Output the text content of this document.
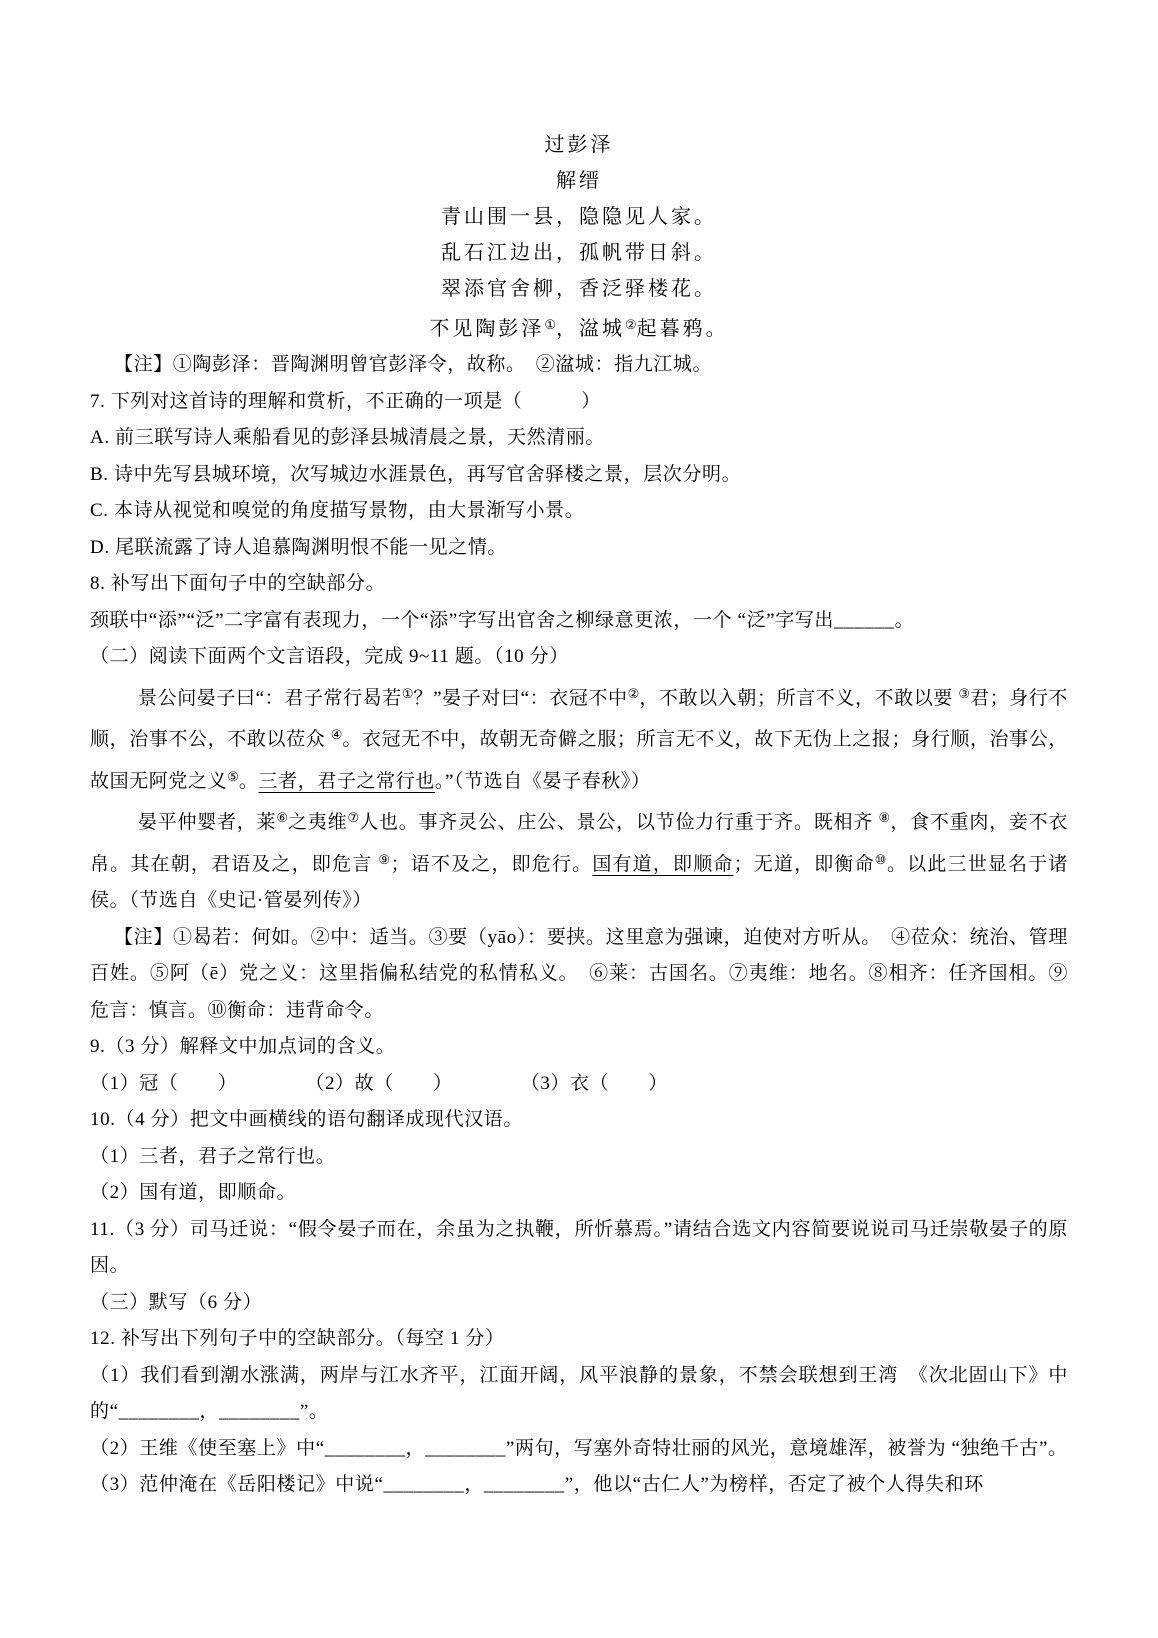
过彭泽

解缙

青山围一县，隐隐见人家。

乱石江边出，孤帆带日斜。

翠添官舍柳，香泛驿楼花。

不见陶彭泽①，湓城②起暮鸦。

【注】①陶彭泽：晋陶渊明曾官彭泽令，故称。　②湓城：指九江城。

7. 下列对这首诗的理解和赏析，不正确的一项是（　　　）

A. 前三联写诗人乘船看见的彭泽县城清晨之景，天然清丽。

B. 诗中先写县城环境，次写城边水涯景色，再写官舍驿楼之景，层次分明。

C. 本诗从视觉和嗅觉的角度描写景物，由大景渐写小景。

D. 尾联流露了诗人追慕陶渊明恨不能一见之情。

8. 补写出下面句子中的空缺部分。

颈联中“添”“泛”二字富有表现力，一个“添”字写出官舍之柳绿意更浓，一个 “泛”字写出______。

（二）阅读下面两个文言语段，完成 9~11 题。（10 分）

景公问晏子曰“：君子常行曷若①？”晏子对曰“：衣冠不中②，不敢以入朝；所言不义，不敢以要 ③君；身行不顺，治事不公，不敢以莅众 ④。衣冠无不中，故朝无奇僻之服；所言无不义，故下无伪上之报；身行顺，治事公，故国无阿党之义⑤。三者，君子之常行也。”（节选自《晏子春秋》）

晏平仲婴者，莱⑥之夷维⑦人也。事齐灵公、庄公、景公，以节俭力行重于齐。既相齐 ⑧，食不重肉，妾不衣帛。其在朝，君语及之，即危言 ⑨；语不及之，即危行。国有道，即顺命；无道，即衡命⑩。以此三世显名于诸侯。（节选自《史记·管晏列传》）

【注】①曷若：何如。②中：适当。③要（yāo）：要挟。这里意为强谏，迫使对方听从。　④莅众：统治、管理百姓。⑤阿（ē）党之义：这里指偏私结党的私情私义。　⑥莱：古国名。⑦夷维：地名。⑧相齐：任齐国相。⑨危言：慎言。⑩衡命：违背命令。

9.（3 分）解释文中加点词的含义。

（1）冠（　　）	（2）故（　　）	（3）衣（　　）

10.（4 分）把文中画横线的语句翻译成现代汉语。

（1）三者，君子之常行也。

（2）国有道，即顺命。

11.（3 分）司马迁说：“假令晏子而在，余虽为之执鞭，所忻慕焉。”请结合选文内容简要说说司马迁崇敬晏子的原因。

（三）默写（6 分）

12. 补写出下列句子中的空缺部分。（每空 1 分）

（1）我们看到潮水涨满，两岸与江水齐平，江面开阔，风平浪静的景象，不禁会联想到王湾　《次北固山下》中的“________，________”。

（2）王维《使至塞上》中“________，________”两句，写塞外奇特壮丽的风光，意境雄浑，被誉为 “独绝千古”。

（3）范仲淹在《岳阳楼记》中说“________，________”，他以“古仁人”为榜样，否定了被个人得失和环
